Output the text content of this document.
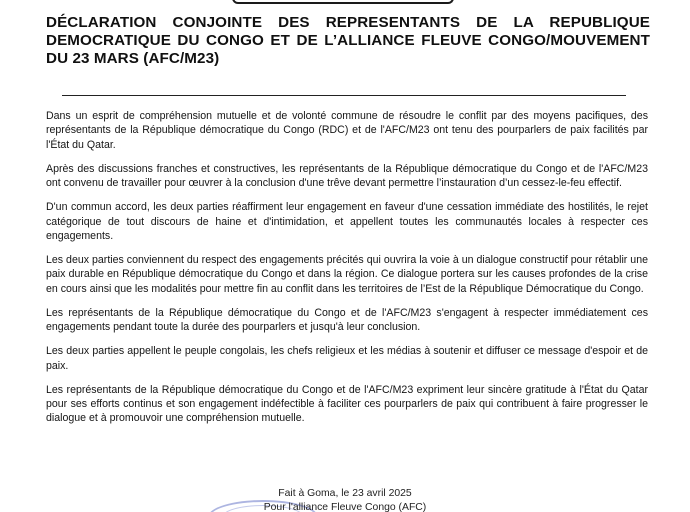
DÉCLARATION CONJOINTE DES REPRESENTANTS DE LA REPUBLIQUE DEMOCRATIQUE DU CONGO ET DE L’ALLIANCE FLEUVE CONGO/MOUVEMENT DU 23 MARS (AFC/M23)

Dans un esprit de compréhension mutuelle et de volonté commune de résoudre le conflit par des moyens pacifiques, des représentants de la République démocratique du Congo (RDC) et de l'AFC/M23 ont tenu des pourparlers de paix facilités par l'État du Qatar.

Après des discussions franches et constructives, les représentants de la République démocratique du Congo et de l'AFC/M23 ont convenu de travailler pour œuvrer à la conclusion d'une trêve devant permettre l’instauration d’un cessez-le-feu effectif.

D'un commun accord, les deux parties réaffirment leur engagement en faveur d'une cessation immédiate des hostilités, le rejet catégorique de tout discours de haine et d'intimidation, et appellent toutes les communautés locales à respecter ces engagements.

Les deux parties conviennent du respect des engagements précités qui ouvrira la voie à un dialogue constructif pour rétablir une paix durable en République démocratique du Congo et dans la région. Ce dialogue portera sur les causes profondes de la crise en cours ainsi que les modalités pour mettre fin au conflit dans les territoires de l’Est de la République Démocratique du Congo.

Les représentants de la République démocratique du Congo et de l'AFC/M23 s'engagent à respecter immédiatement ces engagements pendant toute la durée des pourparlers et jusqu'à leur conclusion.

Les deux parties appellent le peuple congolais, les chefs religieux et les médias à soutenir et diffuser ce message d'espoir et de paix.

Les représentants de la République démocratique du Congo et de l'AFC/M23 expriment leur sincère gratitude à l'État du Qatar pour ses efforts continus et son engagement indéfectible à faciliter ces pourparlers de paix qui contribuent à faire progresser le dialogue et à promouvoir une compréhension mutuelle.

Fait à Goma, le 23 avril 2025
Pour l'alliance Fleuve Congo (AFC)
